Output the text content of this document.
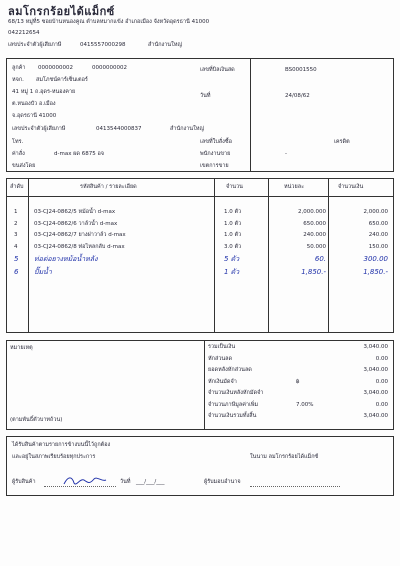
ลมโกรกร้อยได้แม็กซ์
68/13 หมู่ที่5 ซอยบ้านหนองคูณ ตำบลหมากแข้ง อำเภอเมือง จังหวัดอุดรธานี 41000
042212654
เลขประจำตัวผู้เสียภาษี	0415557000298	สำนักงานใหญ่
ลูกค้า 0000000002	0000000002
หจก. สมโภชน์คาร์เซ็นเตอร์
41 หมู่ 1 ถ.อุดร-หนองคาย
ต.หนองบัว อ.เมือง
จ.อุดรธานี 41000
เลขประจำตัวผู้เสียภาษี	0413544000837	สำนักงานใหญ่
โทร.
ค่าสั่ง	d-max ผด 6875 อจ
ขนส่งโดย
เลขที่บิลเงินสด	BS0001550
วันที่	24/08/62
เลขที่ใบสั่งซื้อ	เครดิต
พนักงานขาย	-
เขตการขาย
ลำดับ	รหัสสินค้า / รายละเอียด	จำนวน	หน่วยละ	จำนวนเงิน
1	03-CJ24-0862/5 หม้อน้ำ d-max	1.0 ตัว	2,000.000	2,000.00
2	03-CJ24-0862/6 วาล์วน้ำ d-max	1.0 ตัว	650.000	650.00
3	03-CJ24-0862/7 ยางฝาวาล์ว d-max	1.0 ตัว	240.000	240.00
4	03-CJ24-0862/8 ท่อไหลกลับ d-max	3.0 ตัว	50.000	150.00
5 ท่อต่อยางหม้อน้ำหลัง	5 ตัว	60.	300.00
6 ปั๊มน้ำ	1 ตัว	1,850.-	1,850.-
หมายเหตุ
(ตามพันธิ์ตัวบาทถ้วน)
รวมเป็นเงิน	3,040.00
หักส่วนลด	0.00
ยอดหลังหักส่วนลด	3,040.00
หักเงินมัดจำ	฿	0.00
จำนวนเงินหลังหักมัดจำ	3,040.00
จำนวนภาษีมูลค่าเพิ่ม	7.00%	0.00
จำนวนเงินรวมทั้งสิ้น	3,040.00
ได้รับสินค้าตามรายการข้างบนนี้ไว้ถูกต้อง
และอยู่ในสภาพเรียบร้อยทุกประการ	ในนาม ลมโกรกร้อยได้แม็กซ์
ผู้รับสินค้า	วันที่ ___/___/___	ผู้รับมอบอำนาจ
